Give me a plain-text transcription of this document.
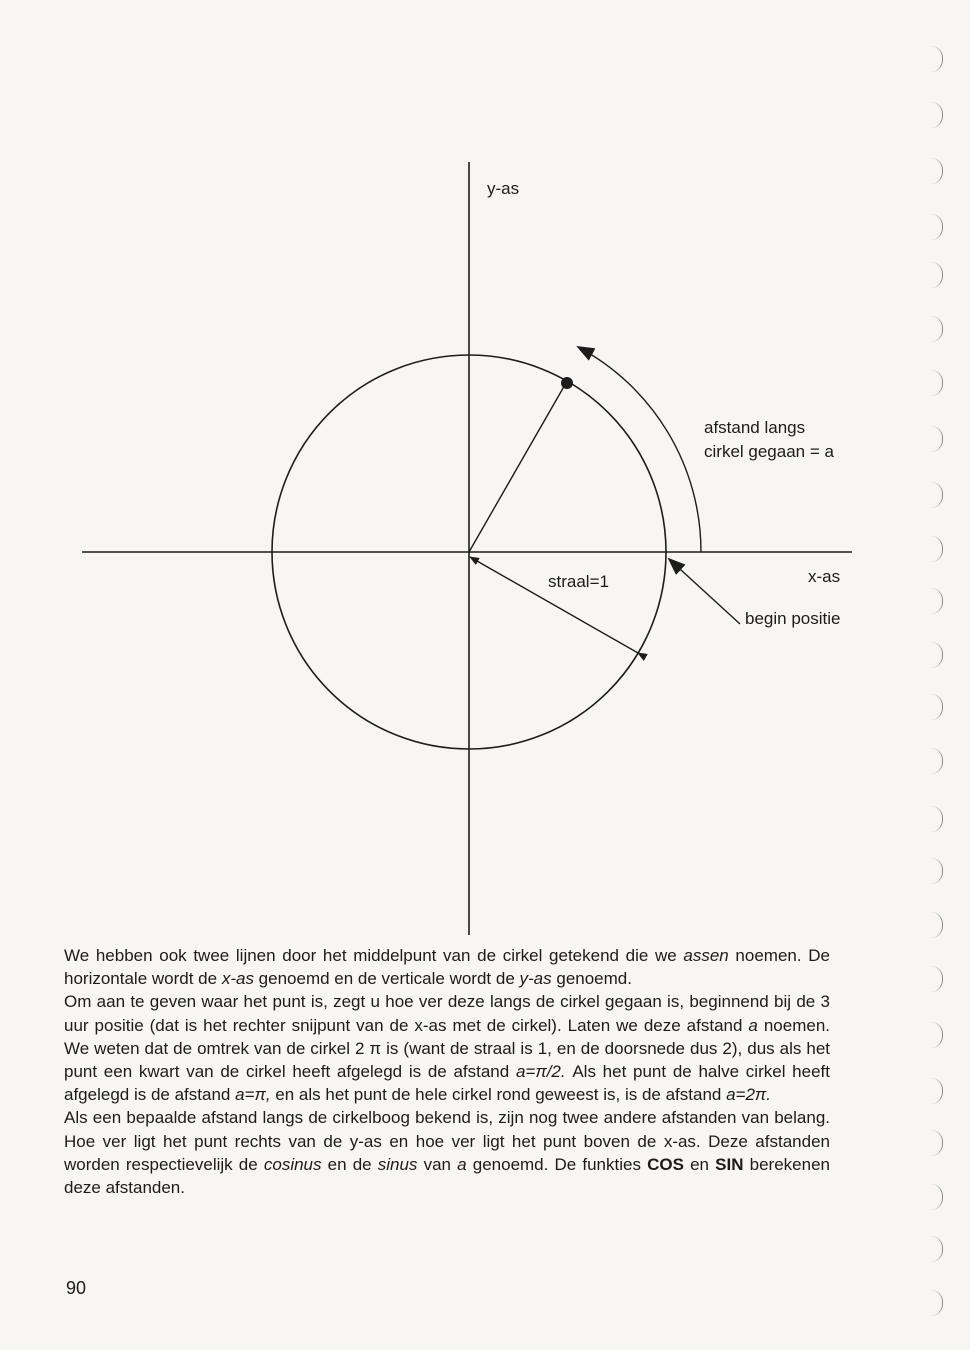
y-as
x-as
straal=1
afstand langs
cirkel gegaan = a
begin positie

We hebben ook twee lijnen door het middelpunt van de cirkel getekend die we assen noemen. De horizontale wordt de x-as genoemd en de verticale wordt de y-as genoemd.

Om aan te geven waar het punt is, zegt u hoe ver deze langs de cirkel gegaan is, beginnend bij de 3 uur positie (dat is het rechter snijpunt van de x-as met de cirkel). Laten we deze afstand a noemen. We weten dat de omtrek van de cirkel 2 π is (want de straal is 1, en de doorsnede dus 2), dus als het punt een kwart van de cirkel heeft afgelegd is de afstand a=π/2. Als het punt de halve cirkel heeft afgelegd is de afstand a=π, en als het punt de hele cirkel rond geweest is, is de afstand a=2π.

Als een bepaalde afstand langs de cirkelboog bekend is, zijn nog twee andere afstanden van belang. Hoe ver ligt het punt rechts van de y-as en hoe ver ligt het punt boven de x-as. Deze afstanden worden respectievelijk de cosinus en de sinus van a genoemd. De funkties COS en SIN berekenen deze afstanden.

90
